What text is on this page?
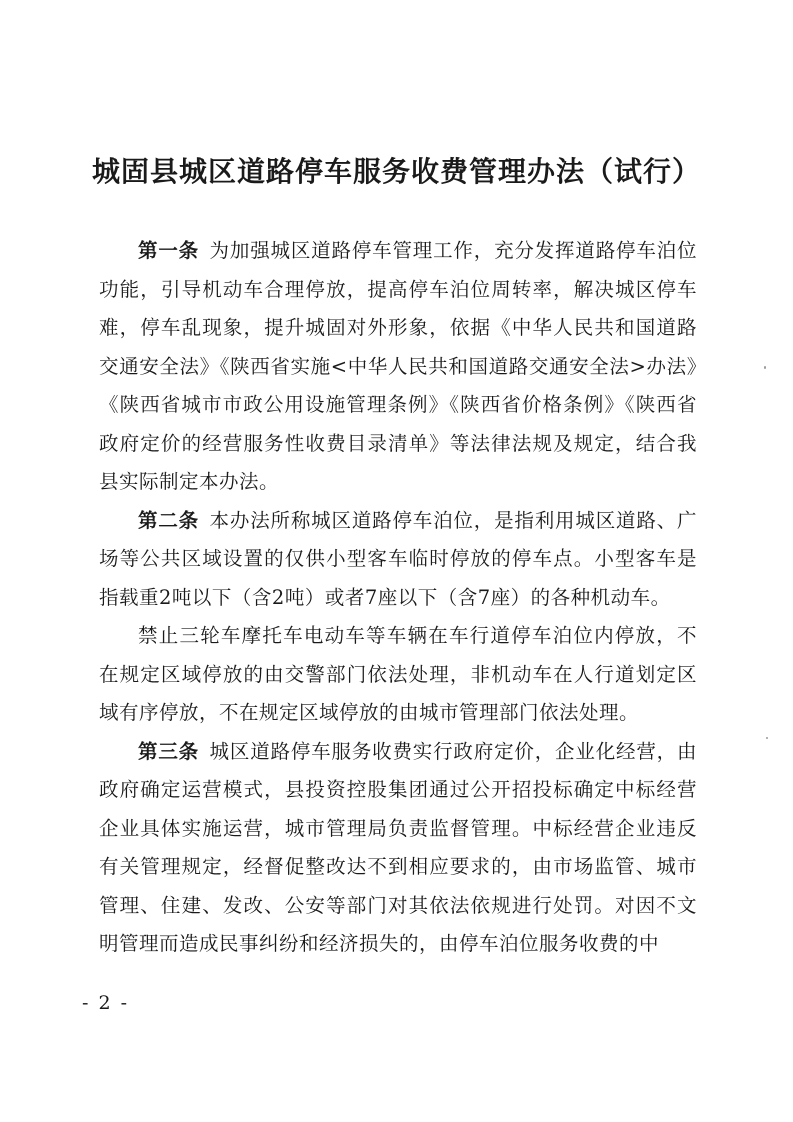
城固县城区道路停车服务收费管理办法（试行）

第一条  为加强城区道路停车管理工作，充分发挥道路停车泊位功能，引导机动车合理停放，提高停车泊位周转率，解决城区停车难，停车乱现象，提升城固对外形象，依据《中华人民共和国道路交通安全法》《陕西省实施<中华人民共和国道路交通安全法>办法》《陕西省城市市政公用设施管理条例》《陕西省价格条例》《陕西省政府定价的经营服务性收费目录清单》等法律法规及规定，结合我县实际制定本办法。

第二条  本办法所称城区道路停车泊位，是指利用城区道路、广场等公共区域设置的仅供小型客车临时停放的停车点。小型客车是指载重2吨以下（含2吨）或者7座以下（含7座）的各种机动车。

禁止三轮车摩托车电动车等车辆在车行道停车泊位内停放，不在规定区域停放的由交警部门依法处理，非机动车在人行道划定区域有序停放，不在规定区域停放的由城市管理部门依法处理。

第三条  城区道路停车服务收费实行政府定价，企业化经营，由政府确定运营模式，县投资控股集团通过公开招投标确定中标经营企业具体实施运营，城市管理局负责监督管理。中标经营企业违反有关管理规定，经督促整改达不到相应要求的，由市场监管、城市管理、住建、发改、公安等部门对其依法依规进行处罚。对因不文明管理而造成民事纠纷和经济损失的，由停车泊位服务收费的中

- 2 -
